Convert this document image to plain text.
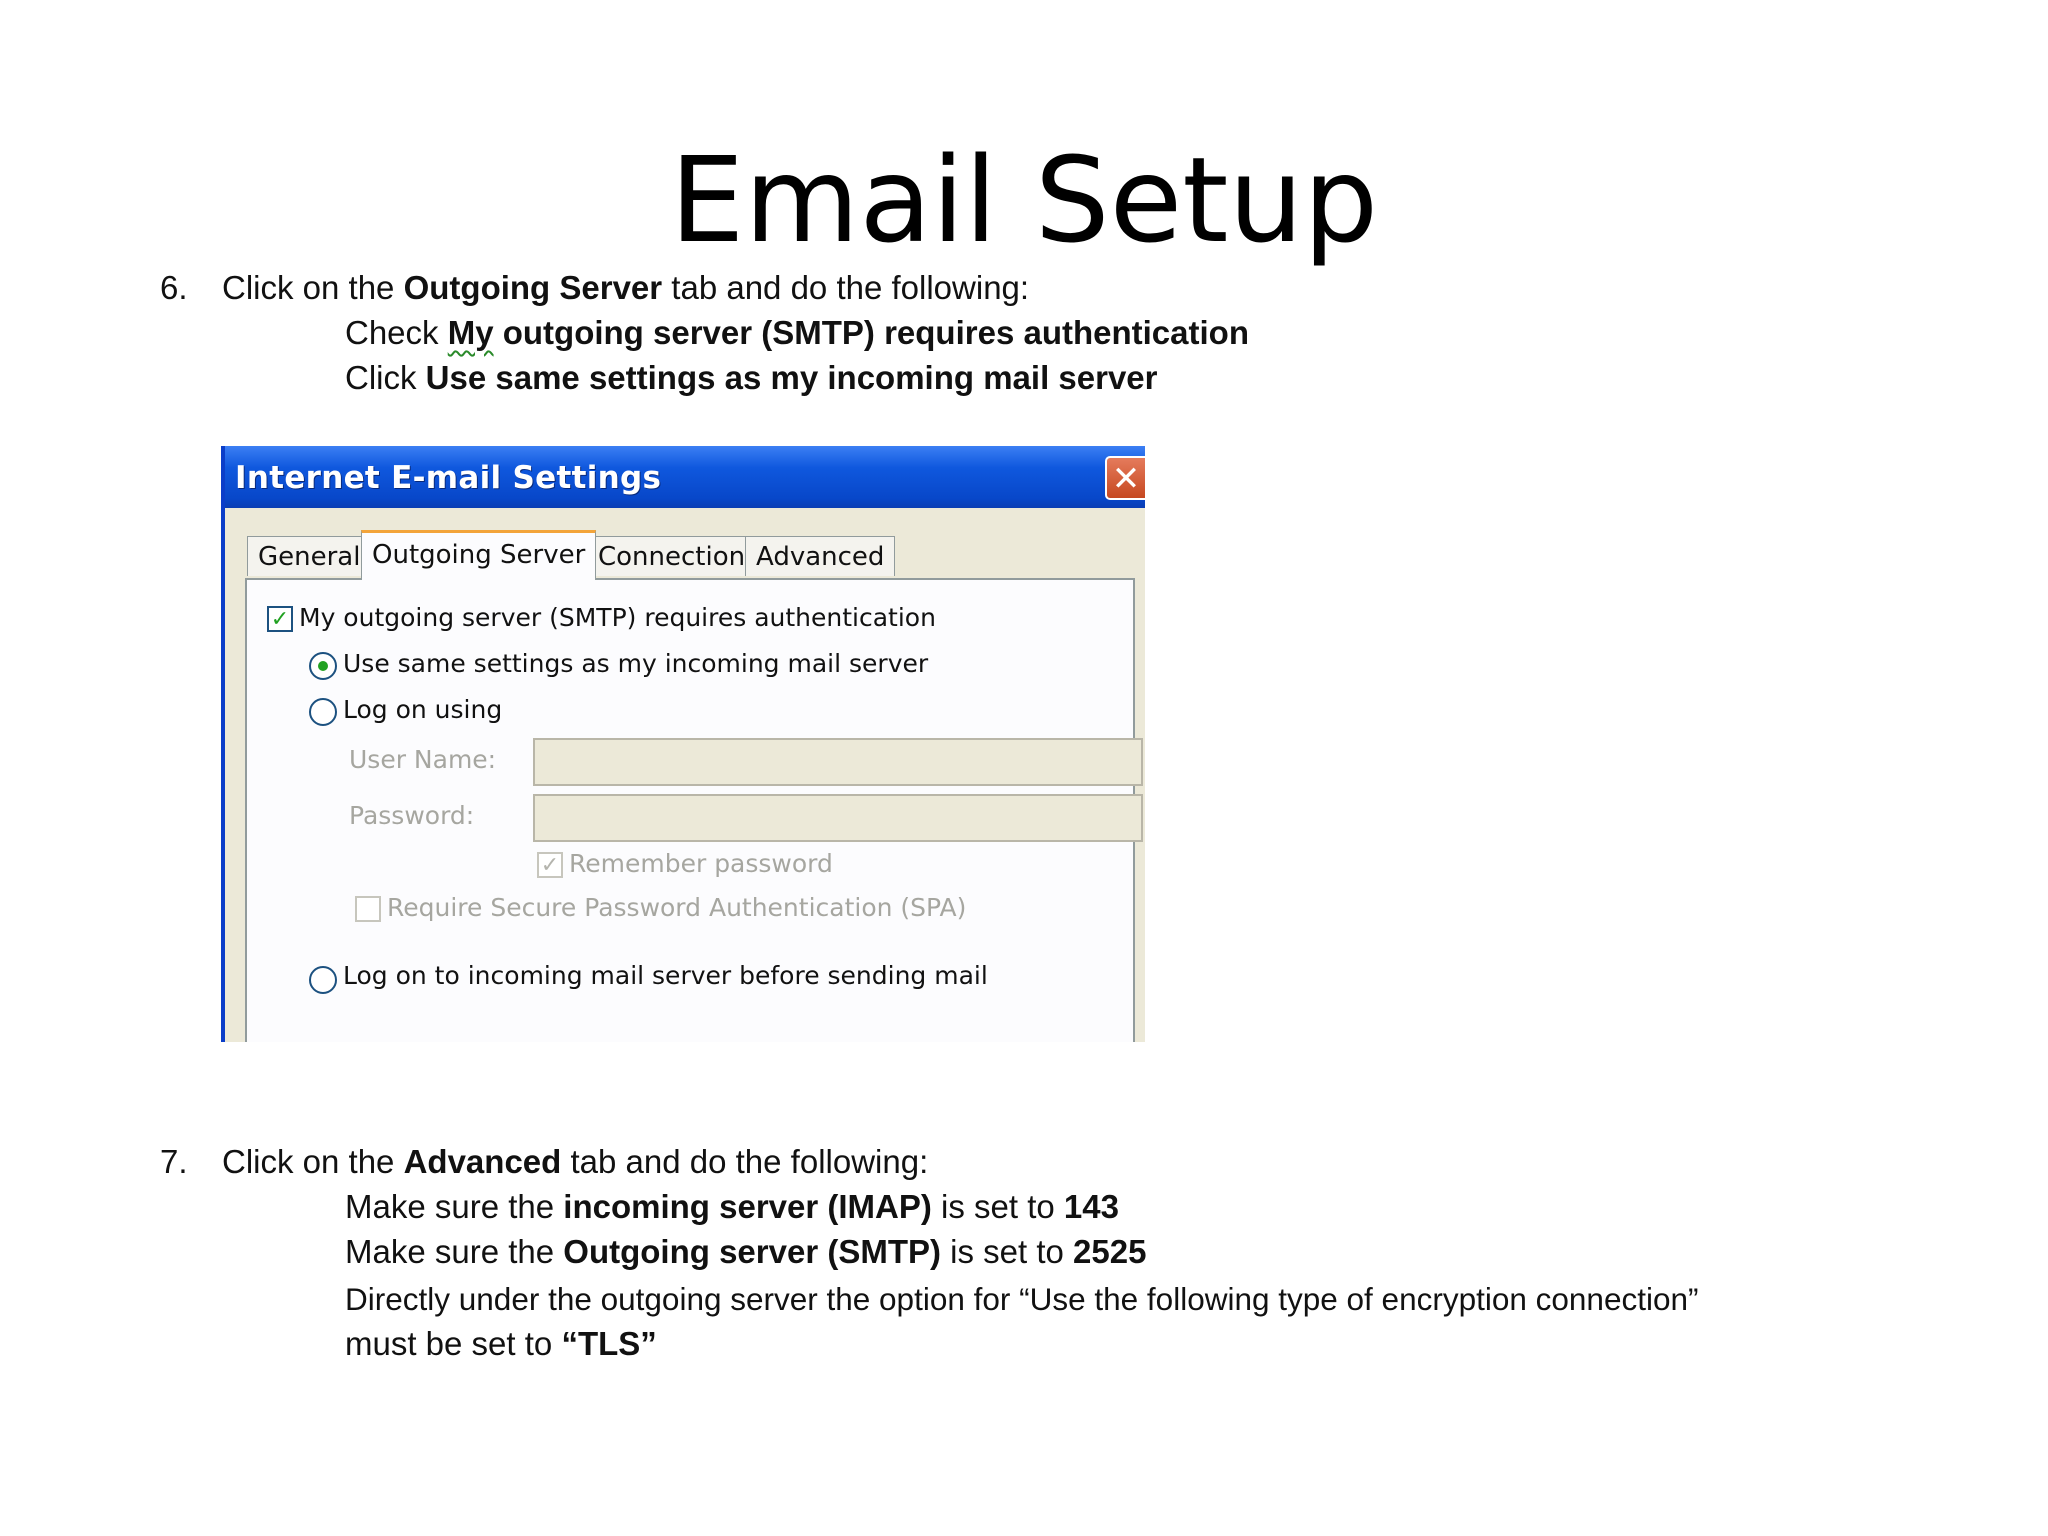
Email Setup
6. Click on the Outgoing Server tab and do the following:
Check My outgoing server (SMTP) requires authentication
Click Use same settings as my incoming mail server
Internet E-mail Settings	✕
General Outgoing Server Connection Advanced
✓ My outgoing server (SMTP) requires authentication
Use same settings as my incoming mail server
Log on using
User Name:
Password:
✓ Remember password
Require Secure Password Authentication (SPA)
Log on to incoming mail server before sending mail
7. Click on the Advanced tab and do the following:
Make sure the incoming server (IMAP) is set to 143
Make sure the Outgoing server (SMTP) is set to 2525
Directly under the outgoing server the option for “Use the following type of encryption connection”
must be set to “TLS”
